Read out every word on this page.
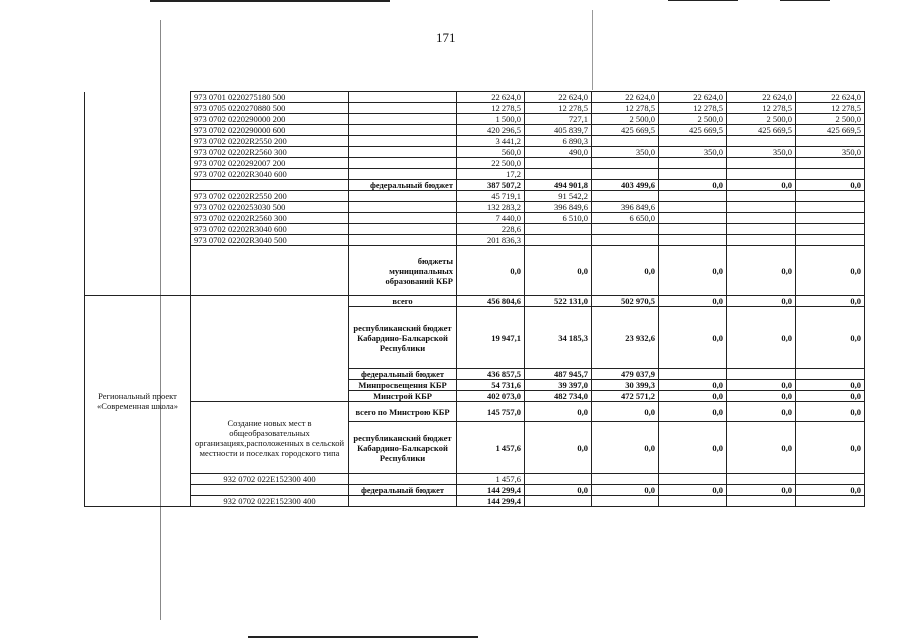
171
	973 0701 0220275180 500		22 624,0	22 624,0	22 624,0	22 624,0	22 624,0	22 624,0
	973 0705 0220270880 500		12 278,5	12 278,5	12 278,5	12 278,5	12 278,5	12 278,5
	973 0702 0220290000 200		1 500,0	727,1	2 500,0	2 500,0	2 500,0	2 500,0
	973 0702 0220290000 600		420 296,5	405 839,7	425 669,5	425 669,5	425 669,5	425 669,5
	973 0702 02202R2550 200		3 441,2	6 890,3				
	973 0702 02202R2560 300		560,0	490,0	350,0	350,0	350,0	350,0
	973 0702 0220292007 200		22 500,0					
	973 0702 02202R3040 600		17,2					
		федеральный бюджет	387 507,2	494 901,8	403 499,6	0,0	0,0	0,0
	973 0702 02202R2550 200		45 719,1	91 542,2				
	973 0702 0220253030 500		132 283,2	396 849,6	396 849,6			
	973 0702 02202R2560 300		7 440,0	6 510,0	6 650,0			
	973 0702 02202R3040 600		228,6					
	973 0702 02202R3040 500		201 836,3					
		бюджеты муниципальных образований КБР	0,0	0,0	0,0	0,0	0,0	0,0
Региональный проект «Современная школа»		всего	456 804,6	522 131,0	502 970,5	0,0	0,0	0,0
		республиканский бюджет Кабардино-Балкарской Республики	19 947,1	34 185,3	23 932,6	0,0	0,0	0,0
		федеральный бюджет	436 857,5	487 945,7	479 037,9			
		Минпросвещения КБР	54 731,6	39 397,0	30 399,3	0,0	0,0	0,0
		Минстрой КБР	402 073,0	482 734,0	472 571,2	0,0	0,0	0,0
	Создание новых мест в общеобразовательных организациях,расположенных в сельской местности и поселках городского типа	всего по Минстрою КБР	145 757,0	0,0	0,0	0,0	0,0	0,0
		республиканский бюджет Кабардино-Балкарской Республики	1 457,6	0,0	0,0	0,0	0,0	0,0
	932 0702 022E152300 400		1 457,6					
		федеральный бюджет	144 299,4	0,0	0,0	0,0	0,0	0,0
	932 0702 022E152300 400		144 299,4					
